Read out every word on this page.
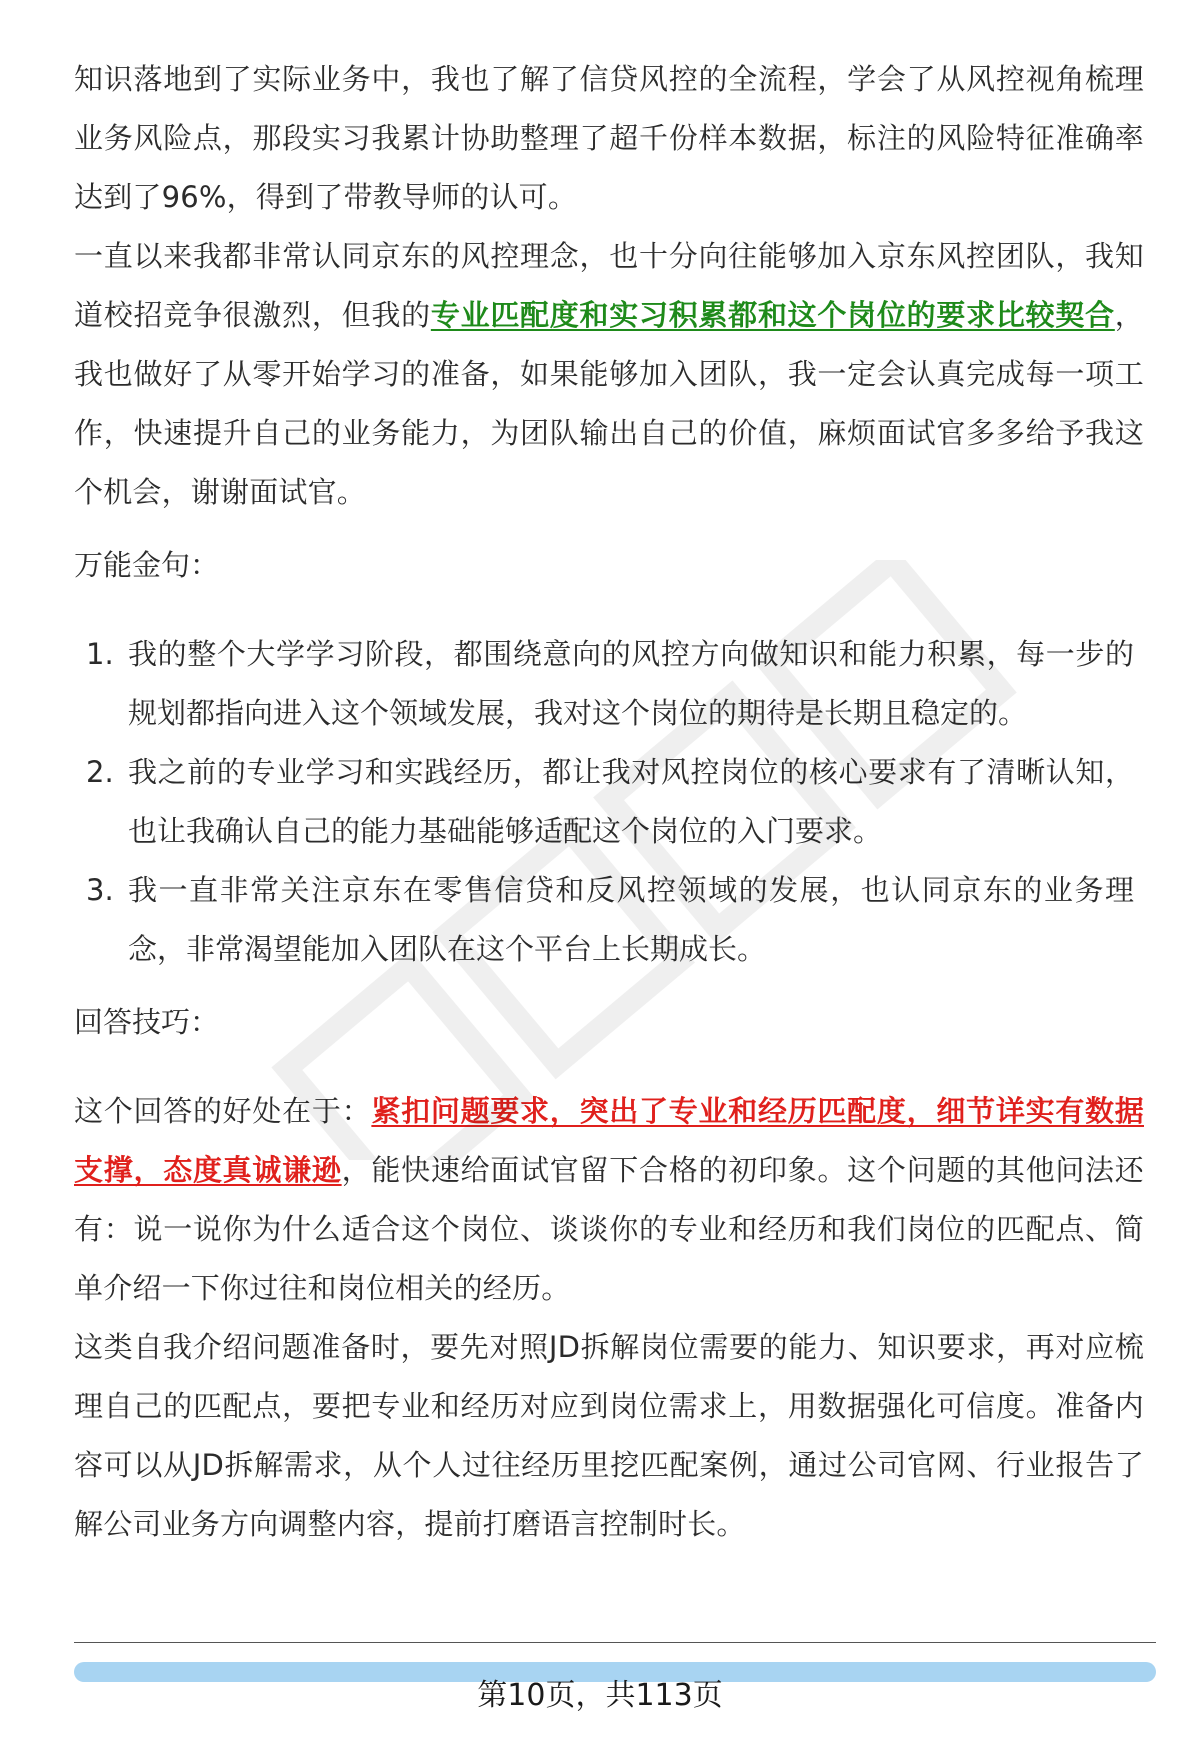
知识落地到了实际业务中，我也了解了信贷风控的全流程，学会了从风控视角梳理业务风险点，那段实习我累计协助整理了超千份样本数据，标注的风险特征准确率达到了96%，得到了带教导师的认可。

一直以来我都非常认同京东的风控理念，也十分向往能够加入京东风控团队，我知道校招竞争很激烈，但我的专业匹配度和实习积累都和这个岗位的要求比较契合，我也做好了从零开始学习的准备，如果能够加入团队，我一定会认真完成每一项工作，快速提升自己的业务能力，为团队输出自己的价值，麻烦面试官多多给予我这个机会，谢谢面试官。

万能金句：

1. 我的整个大学学习阶段，都围绕意向的风控方向做知识和能力积累，每一步的规划都指向进入这个领域发展，我对这个岗位的期待是长期且稳定的。
2. 我之前的专业学习和实践经历，都让我对风控岗位的核心要求有了清晰认知，也让我确认自己的能力基础能够适配这个岗位的入门要求。
3. 我一直非常关注京东在零售信贷和反风控领域的发展，也认同京东的业务理念，非常渴望能加入团队在这个平台上长期成长。

回答技巧：

这个回答的好处在于：紧扣问题要求，突出了专业和经历匹配度，细节详实有数据支撑，态度真诚谦逊，能快速给面试官留下合格的初印象。这个问题的其他问法还有：说一说你为什么适合这个岗位、谈谈你的专业和经历和我们岗位的匹配点、简单介绍一下你过往和岗位相关的经历。

这类自我介绍问题准备时，要先对照JD拆解岗位需要的能力、知识要求，再对应梳理自己的匹配点，要把专业和经历对应到岗位需求上，用数据强化可信度。准备内容可以从JD拆解需求，从个人过往经历里挖匹配案例，通过公司官网、行业报告了解公司业务方向调整内容，提前打磨语言控制时长。

第10页，共113页
